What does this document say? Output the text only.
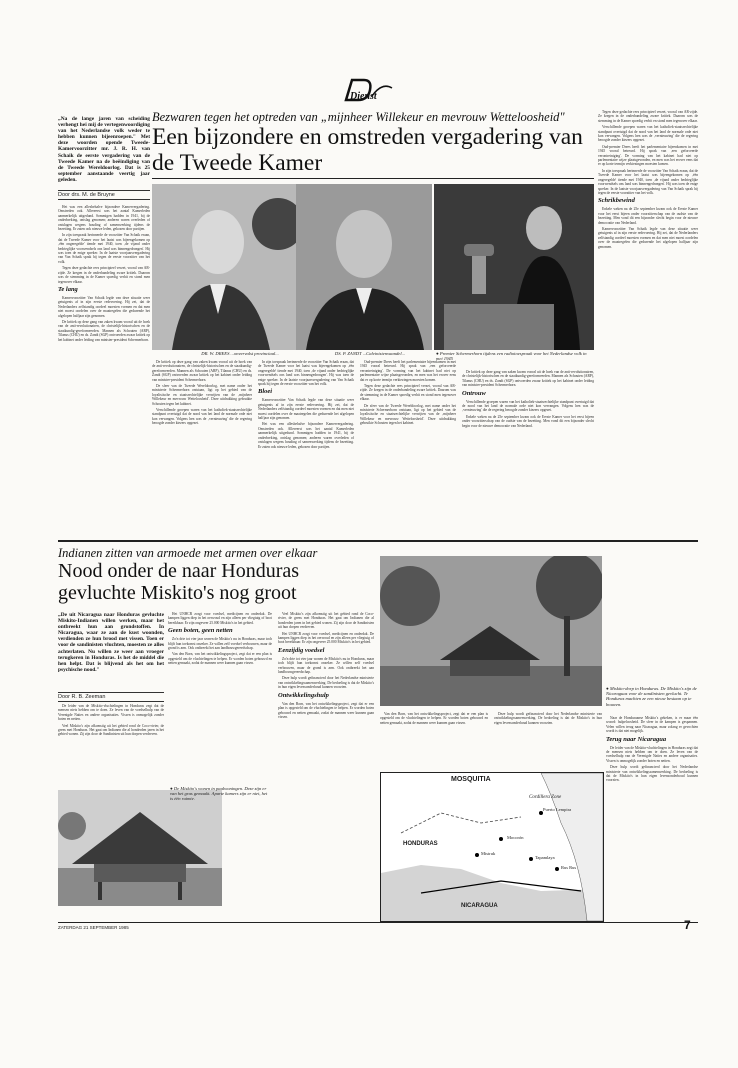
Dienst
„Na de lange jaren van scheiding verhengt hei mij de vertegenwoordiging van het Nederlandse volk weder te hebben kunnen bijeenroepen." Met deze woorden opende Tweede-Kamervoorzitter mr. J. R. H. van Schaik de eerste vergadering van de Tweede Kamer na de beëindiging van de Tweede Wereldoorlog. Dat is 25 september aanstaande veertig jaar geleden.
Door drs. M. de Bruyne
Bezwaren tegen het optreden van „mijnheer Willekeur en mevrouw Wetteloosheid"
Een bijzondere en omstreden vergadering van de Tweede Kamer
DR. W. DREES ...onvervalst provinciaal...	DS. P. ZANDT ...Calvinistenvaandel...	● Premier Schermerhorn tijdens een radiotoespraak voor het Nederlandse volk in mei 1945

Het was een allesbehalve bijzondere Kamervergadering. Omstreden ook. Allereerst was het aantal Kamerleden aanmerkelijk uitgedund. Sommigen hadden in 1941, bij de onderbreking, ontslag genomen; anderen waren overleden of ontslagen wegens houding of samenwerking tijdens de bezetting. Er zaten ook nieuwe leden, gekozen door partijen.

In zijn toespraak herinnerde de voorzitter Van Schaik eraan, dat de Tweede Kamer voor het laatst was bijeengekomen op ‚één ongeregelde' tiende mei 1940, toen ‚de vijand onder bedrieglijke voorwendsels ons land was binnengedrongen'. Hij was toen de enige spreker. In de laatste voorjaarsvergadering van Van Schaik sprak hij tegen de eerste voorzitter van het volk.

Tegen deze gedachte rees principieel verzet, vooral van AR-zijde. Ze kregen in de onderhandeling zware kritiek. Daarom was de stemming in de Kamer spoedig verhit en stond men tegenover elkaar.

Te lang

Kamervoorzitter Van Schaik legde van deze situatie weer getuigenis af in zijn eerste redevoering. Hij zei, dat de Nederlanders zelfstandig oordeel moesten vormen en dat men niet moest oordelen over de maatregelen die gedurende het afgelopen halfjaar zijn genomen.

De kritiek op deze gang van zaken kwam vooral uit de hoek van de anti-revolutionairen, de christelijk-historischen en de staatkundig-gereformeerden. Mannen als Schouten (ARP), Tilanus (CHU) en ds. Zandt (SGP) ontvoerden zwaar kritiek op het kabinet onder leiding van minister-president Schermerhorn.

De kritiek op deze gang van zaken kwam vooral uit de hoek van de anti-revolutionairen, de christelijk-historischen en de staatkundig-gereformeerden. Mannen als Schouten (ARP), Tilanus (CHU) en ds. Zandt (SGP) ontvoerden zwaar kritiek op het kabinet onder leiding van minister-president Schermerhorn.

De sfeer van de Tweede Wereldoorlog, met name onder het ministerie Schermerhorn ontstaan, ligt op het gebied van de loyalistische en staatsrechtelijke verwijten van de ‚mijnheer Willekeur en mevrouw Wetteloosheid'. Deze uitdrukking gebruikte Schouten tegen het kabinet.

Verschillende groepen waren van het katholiek-staatsrechtelijke standpunt overtuigd dat de nood van het land de normale orde niet kon vervangen. Volgens hen was de ‚vernieuwing' die de regering beoogde zonder kiezers opgezet.

In zijn toespraak herinnerde de voorzitter Van Schaik eraan, dat de Tweede Kamer voor het laatst was bijeengekomen op ‚één ongeregelde' tiende mei 1940, toen ‚de vijand onder bedrieglijke voorwendsels ons land was binnengedrongen'. Hij was toen de enige spreker. In de laatste voorjaarsvergadering van Van Schaik sprak hij tegen de eerste voorzitter van het volk.

Bloei

Kamervoorzitter Van Schaik legde van deze situatie weer getuigenis af in zijn eerste redevoering. Hij zei, dat de Nederlanders zelfstandig oordeel moesten vormen en dat men niet moest oordelen over de maatregelen die gedurende het afgelopen halfjaar zijn genomen.

Het was een allesbehalve bijzondere Kamervergadering. Omstreden ook. Allereerst was het aantal Kamerleden aanmerkelijk uitgedund. Sommigen hadden in 1941, bij de onderbreking, ontslag genomen; anderen waren overleden of ontslagen wegens houding of samenwerking tijdens de bezetting. Er zaten ook nieuwe leden, gekozen door partijen.

Oud-premier Drees heeft het parlementaire bijeenkomen in mei 1945 vooral betreurd. Hij sprak van ‚een geforceerde verontreiniging'. De vorming van het kabinet had niet op parlementaire wijze plaatsgevonden, en men was het erover eens dat er op korte termijn verkiezingen moesten komen.

Tegen deze gedachte rees principieel verzet, vooral van AR-zijde. Ze kregen in de onderhandeling zware kritiek. Daarom was de stemming in de Kamer spoedig verhit en stond men tegenover elkaar.

De sfeer van de Tweede Wereldoorlog, met name onder het ministerie Schermerhorn ontstaan, ligt op het gebied van de loyalistische en staatsrechtelijke verwijten van de ‚mijnheer Willekeur en mevrouw Wetteloosheid'. Deze uitdrukking gebruikte Schouten tegen het kabinet.

De kritiek op deze gang van zaken kwam vooral uit de hoek van de anti-revolutionairen, de christelijk-historischen en de staatkundig-gereformeerden. Mannen als Schouten (ARP), Tilanus (CHU) en ds. Zandt (SGP) ontvoerden zwaar kritiek op het kabinet onder leiding van minister-president Schermerhorn.

Ontrouw

Verschillende groepen waren van het katholiek-staatsrechtelijke standpunt overtuigd dat de nood van het land de normale orde niet kon vervangen. Volgens hen was de ‚vernieuwing' die de regering beoogde zonder kiezers opgezet.

Enkele weken na de 25e september kwam ook de Eerste Kamer voor het eerst bijeen onder voorzitterschap van de oudste van de bezetting. Men vond dit een bijzonder slecht begin voor de nieuwe democratie van Nederland.

Tegen deze gedachte rees principieel verzet, vooral van AR-zijde. Ze kregen in de onderhandeling zware kritiek. Daarom was de stemming in de Kamer spoedig verhit en stond men tegenover elkaar.

Verschillende groepen waren van het katholiek-staatsrechtelijke standpunt overtuigd dat de nood van het land de normale orde niet kon vervangen. Volgens hen was de ‚vernieuwing' die de regering beoogde zonder kiezers opgezet.

Oud-premier Drees heeft het parlementaire bijeenkomen in mei 1945 vooral betreurd. Hij sprak van ‚een geforceerde verontreiniging'. De vorming van het kabinet had niet op parlementaire wijze plaatsgevonden, en men was het erover eens dat er op korte termijn verkiezingen moesten komen.

In zijn toespraak herinnerde de voorzitter Van Schaik eraan, dat de Tweede Kamer voor het laatst was bijeengekomen op ‚één ongeregelde' tiende mei 1940, toen ‚de vijand onder bedrieglijke voorwendsels ons land was binnengedrongen'. Hij was toen de enige spreker. In de laatste voorjaarsvergadering van Van Schaik sprak hij tegen de eerste voorzitter van het volk.

Schrikbewind

Enkele weken na de 25e september kwam ook de Eerste Kamer voor het eerst bijeen onder voorzitterschap van de oudste van de bezetting. Men vond dit een bijzonder slecht begin voor de nieuwe democratie van Nederland.

Kamervoorzitter Van Schaik legde van deze situatie weer getuigenis af in zijn eerste redevoering. Hij zei, dat de Nederlanders zelfstandig oordeel moesten vormen en dat men niet moest oordelen over de maatregelen die gedurende het afgelopen halfjaar zijn genomen.

Indianen zitten van armoede met armen over elkaar
Nood onder de naar Honduras gevluchte Miskito's nog groot
„De uit Nicaragua naar Honduras gevluchte Miskito-Indianen willen werken, maar het ontbreekt hun aan grondstoffen. In Nicaragua, waar ze aan de kust woonden, verdienden ze hun brood met vissen. Toen er voor de sandinisten vluchten, moesten ze alles achterlaten. Nu willen ze weer aan vroeger terugkeren in Honduras. Is het de middel die hen helpt. Dat is blijvend als het om het psychische nood."
Door R. B. Zeeman

De leider van de Miskito-vluchtelingen in Honduras zegt dat de mensen niets hebben om te doen. Ze leven van de voedselhulp van de Verenigde Naties en andere organisaties. Vissen is onmogelijk zonder boten en netten.

Veel Miskito's zijn afkomstig uit het gebied rond de Coco-rivier, de grens met Honduras. Het gaat om Indianen die al honderden jaren in het gebied wonen. Zij zijn door de Sandinisten uit hun dorpen verdreven.

Het UNHCR zorgt voor voedsel, medicijnen en onderdak. De kampen liggen diep in het oerwoud en zijn alleen per vliegtuig of boot bereikbaar. Er zijn ongeveer 25.000 Miskito's in het gebied.

Geen boten, geen netten

Zo'n drie tot vier jaar wonen de Miskito's nu in Honduras, maar toch blijft hun toekomst onzeker. Ze willen zelf voedsel verbouwen, maar de grond is arm. Ook ontbreekt het aan landbouwgereedschap.

Van den Born, van het ontwikkelingsproject, zegt dat er een plan is opgesteld om de vluchtelingen te helpen. Er worden boten gebouwd en netten gemaakt, zodat de mannen weer kunnen gaan vissen.

● De Miskito's wonen in paalwoningen. Deze zijn er van het gras gemaakt. Aparte kamers zijn er niet, het is één ruimte.

Veel Miskito's zijn afkomstig uit het gebied rond de Coco-rivier, de grens met Honduras. Het gaat om Indianen die al honderden jaren in het gebied wonen. Zij zijn door de Sandinisten uit hun dorpen verdreven.

Het UNHCR zorgt voor voedsel, medicijnen en onderdak. De kampen liggen diep in het oerwoud en zijn alleen per vliegtuig of boot bereikbaar. Er zijn ongeveer 25.000 Miskito's in het gebied.

Eenzijdig voedsel

Zo'n drie tot vier jaar wonen de Miskito's nu in Honduras, maar toch blijft hun toekomst onzeker. Ze willen zelf voedsel verbouwen, maar de grond is arm. Ook ontbreekt het aan landbouwgereedschap.

Deze hulp wordt gefinancierd door het Nederlandse ministerie van ontwikkelingssamenwerking. De bedoeling is dat de Miskito's in hun eigen levensonderhoud kunnen voorzien.

Ontwikkelingshulp

Van den Born, van het ontwikkelingsproject, zegt dat er een plan is opgesteld om de vluchtelingen te helpen. Er worden boten gebouwd en netten gemaakt, zodat de mannen weer kunnen gaan vissen.

● Miskito-dorp in Honduras. De Miskito's zijn de Nicaraguas voor de sandinisten gevlucht. Te Honduras machten ze een nieuw bestaan op te bouwen.

Van den Born, van het ontwikkelingsproject, zegt dat er een plan is opgesteld om de vluchtelingen te helpen. Er worden boten gebouwd en netten gemaakt, zodat de mannen weer kunnen gaan vissen.

Deze hulp wordt gefinancierd door het Nederlandse ministerie van ontwikkelingssamenwerking. De bedoeling is dat de Miskito's in hun eigen levensonderhoud kunnen voorzien.

MOSQUITIA
HONDURAS
NICARAGUA
Cordillera Zone
Mocorón
Puerto Lempira
Mistruk
Tapamlaya
Rus Rus

Naar de Honduraanse Miskito's gekeken, is er maar één woord: hulpeloosheid. De sfeer in de kampen is gespannen. Velen willen terug naar Nicaragua, maar zolang er gevochten wordt is dat niet mogelijk.

Terug naar Nicaragua

De leider van de Miskito-vluchtelingen in Honduras zegt dat de mensen niets hebben om te doen. Ze leven van de voedselhulp van de Verenigde Naties en andere organisaties. Vissen is onmogelijk zonder boten en netten.

Deze hulp wordt gefinancierd door het Nederlandse ministerie van ontwikkelingssamenwerking. De bedoeling is dat de Miskito's in hun eigen levensonderhoud kunnen voorzien.

ZATERDAG 21 SEPTEMBER 1985	7
